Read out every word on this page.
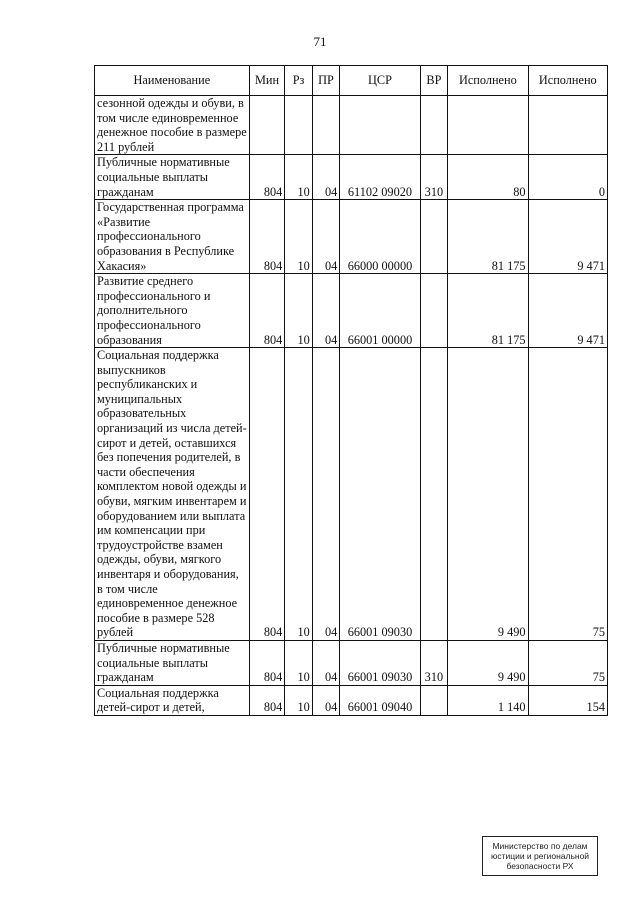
71
Наименование	Мин	Рз	ПР	ЦСР	ВР	Исполнено	Исполнено
сезонной одежды и обуви, в том числе единовременное денежное пособие в размере 211 рублей							
Публичные нормативные социальные выплаты гражданам	804	10	04	61102 09020	310	80	0
Государственная программа «Развитие профессионального образования в Республике Хакасия»	804	10	04	66000 00000		81 175	9 471
Развитие среднего профессионального и дополнительного профессионального образования	804	10	04	66001 00000		81 175	9 471
Социальная поддержка выпускников республиканских и муниципальных образовательных организаций из числа детей-сирот и детей, оставшихся без попечения родителей, в части обеспечения комплектом новой одежды и обуви, мягким инвентарем и оборудованием или выплата им компенсации при трудоустройстве взамен одежды, обуви, мягкого инвентаря и оборудования, в том числе единовременное денежное пособие в размере 528 рублей	804	10	04	66001 09030		9 490	75
Публичные нормативные социальные выплаты гражданам	804	10	04	66001 09030	310	9 490	75
Социальная поддержка детей-сирот и детей,	804	10	04	66001 09040		1 140	154
Министерство по делам
юстиции и региональной
безопасности РХ
